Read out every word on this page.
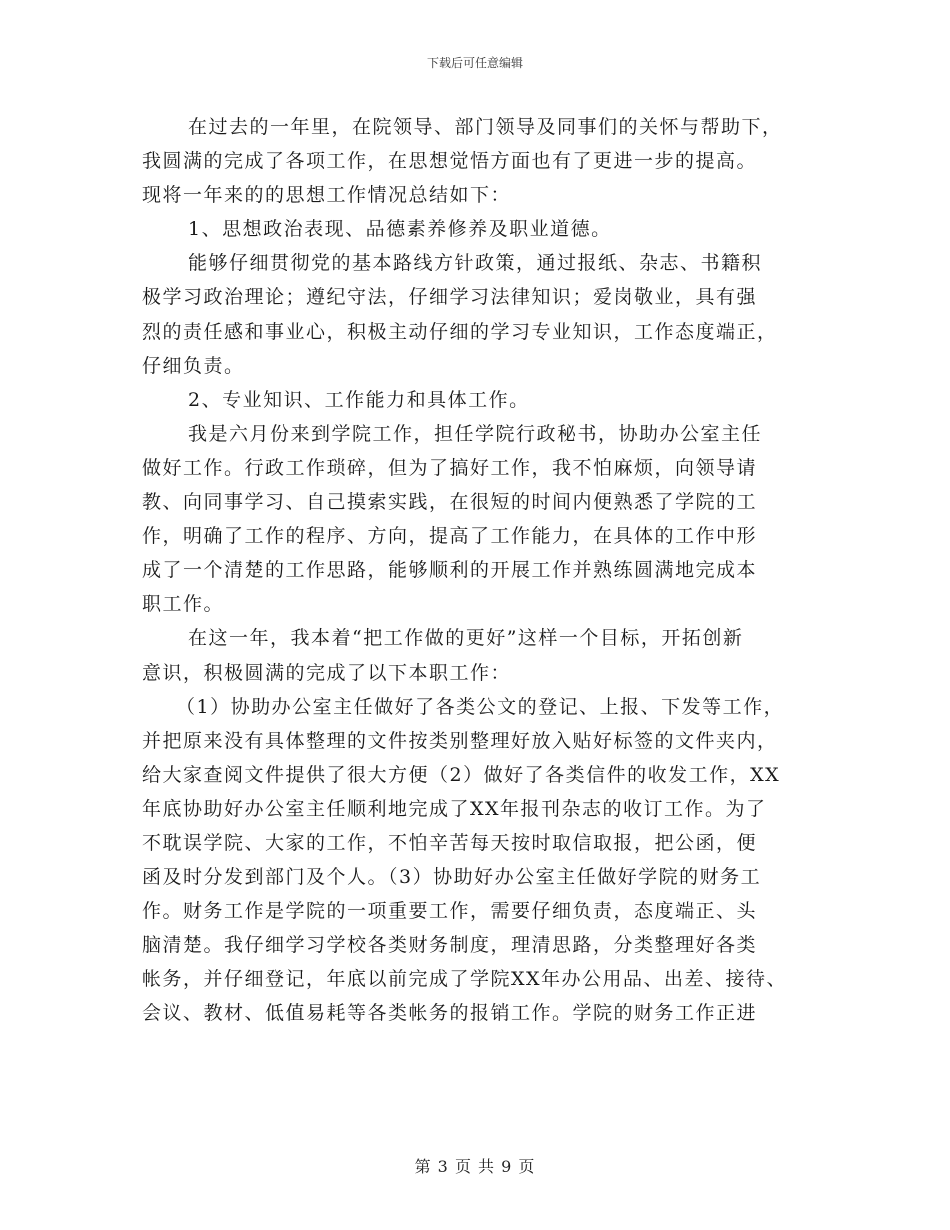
下载后可任意编辑
在过去的一年里，在院领导、部门领导及同事们的关怀与帮助下，
我圆满的完成了各项工作，在思想觉悟方面也有了更进一步的提高。
现将一年来的的思想工作情况总结如下：
1、思想政治表现、品德素养修养及职业道德。
能够仔细贯彻党的基本路线方针政策，通过报纸、杂志、书籍积
极学习政治理论；遵纪守法，仔细学习法律知识；爱岗敬业，具有强
烈的责任感和事业心，积极主动仔细的学习专业知识，工作态度端正，
仔细负责。
2、专业知识、工作能力和具体工作。
我是六月份来到学院工作，担任学院行政秘书，协助办公室主任
做好工作。行政工作琐碎，但为了搞好工作，我不怕麻烦，向领导请
教、向同事学习、自己摸索实践，在很短的时间内便熟悉了学院的工
作，明确了工作的程序、方向，提高了工作能力，在具体的工作中形
成了一个清楚的工作思路，能够顺利的开展工作并熟练圆满地完成本
职工作。
在这一年，我本着“把工作做的更好”这样一个目标，开拓创新
意识，积极圆满的完成了以下本职工作：
（1）协助办公室主任做好了各类公文的登记、上报、下发等工作，
并把原来没有具体整理的文件按类别整理好放入贴好标签的文件夹内，
给大家查阅文件提供了很大方便（2）做好了各类信件的收发工作，XX
年底协助好办公室主任顺利地完成了XX年报刊杂志的收订工作。为了
不耽误学院、大家的工作，不怕辛苦每天按时取信取报，把公函，便
函及时分发到部门及个人。（3）协助好办公室主任做好学院的财务工
作。财务工作是学院的一项重要工作，需要仔细负责，态度端正、头
脑清楚。我仔细学习学校各类财务制度，理清思路，分类整理好各类
帐务，并仔细登记，年底以前完成了学院XX年办公用品、出差、接待、
会议、教材、低值易耗等各类帐务的报销工作。学院的财务工作正进
第 3 页 共 9 页
